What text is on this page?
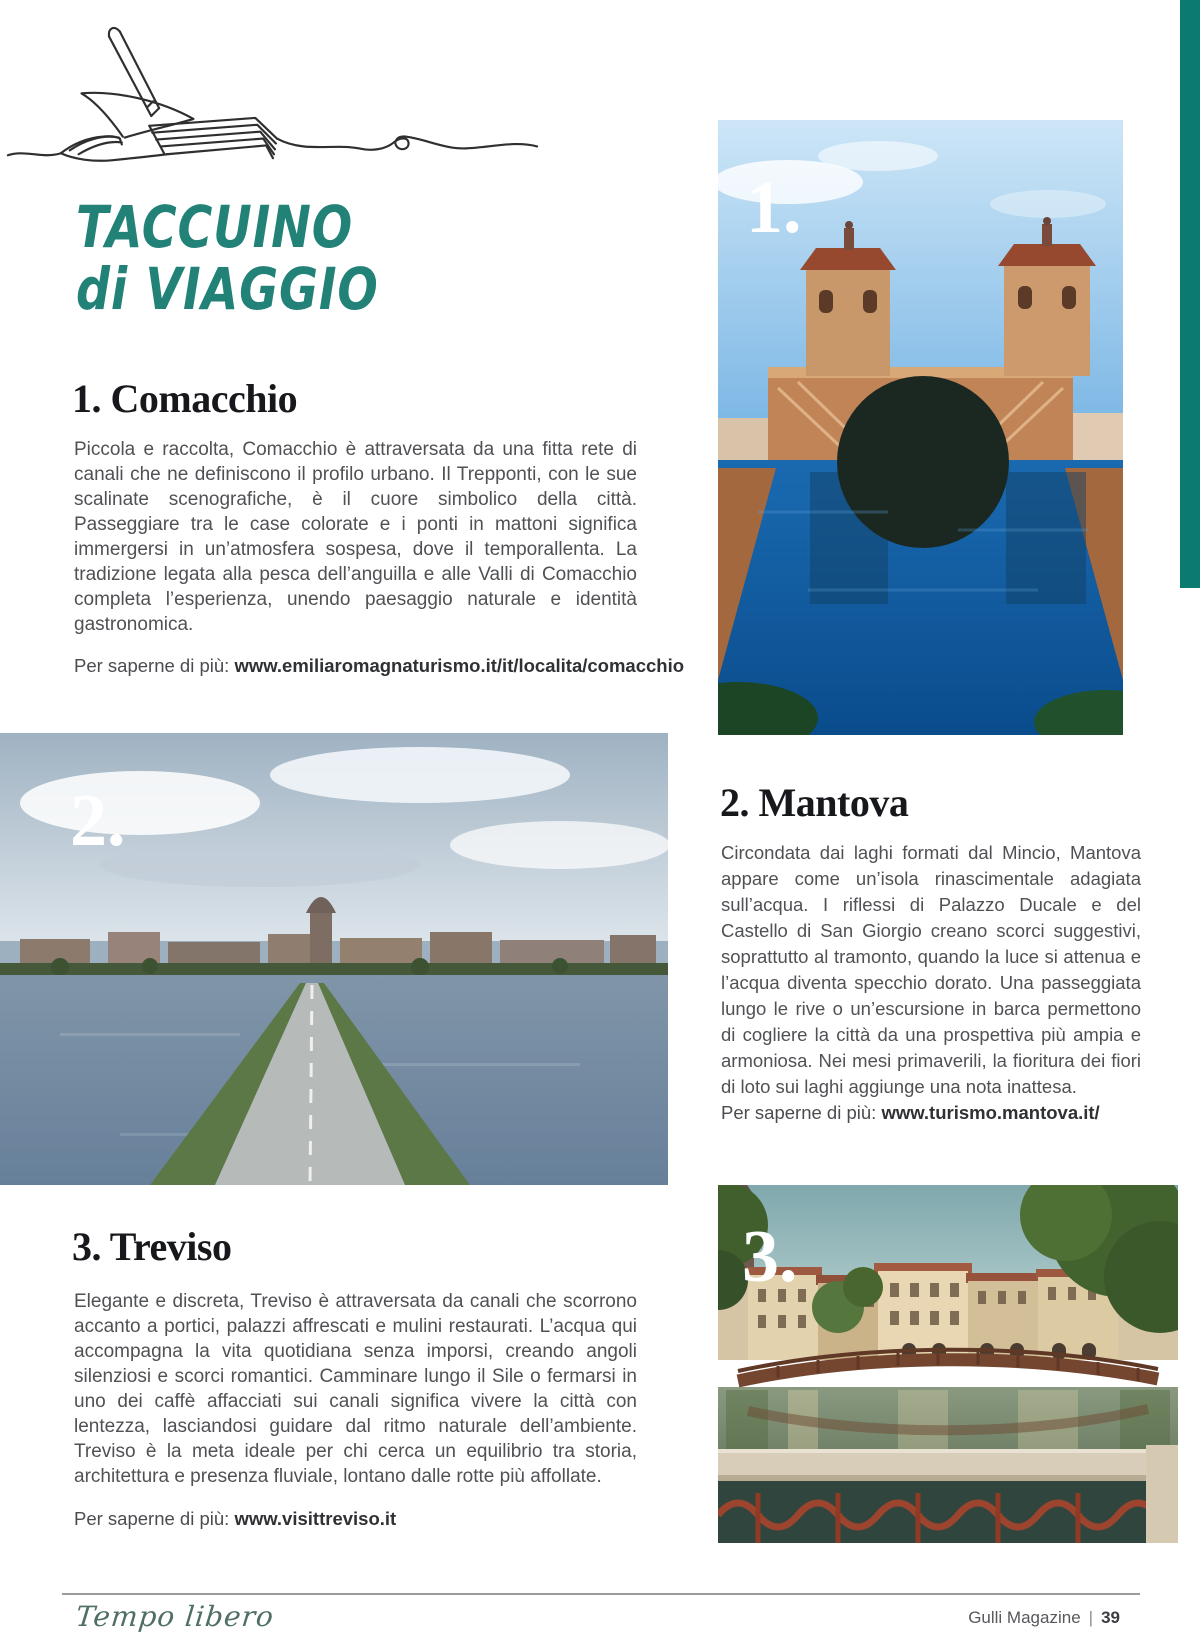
TACCUINO
di VIAGGIO
1.
1. Comacchio

Piccola e raccolta, Comacchio è attraversata da una fitta rete di canali che ne definiscono il profilo urbano. Il Trepponti, con le sue scalinate scenografiche, è il cuore simbolico della città. Passeggiare tra le case colorate e i ponti in mattoni significa immergersi in un’atmosfera sospesa, dove il temporallenta. La tradizione legata alla pesca dell’anguilla e alle Valli di Comacchio completa l’esperienza, unendo paesaggio naturale e identità gastronomica.

Per saperne di più: www.emiliaromagnaturismo.it/it/localita/comacchio

2.	2. Mantova

Circondata dai laghi formati dal Mincio, Mantova appare come un’isola rinascimentale adagiata sull’acqua. I riflessi di Palazzo Ducale e del Castello di San Giorgio creano scorci suggestivi, soprattutto al tramonto, quando la luce si attenua e l’acqua diventa specchio dorato. Una passeggiata lungo le rive o un’escursione in barca permettono di cogliere la città da una prospettiva più ampia e armoniosa. Nei mesi primaverili, la fioritura dei fiori di loto sui laghi aggiunge una nota inattesa.

Per saperne di più: www.turismo.mantova.it/

3. Treviso

Elegante e discreta, Treviso è attraversata da canali che scorrono accanto a portici, palazzi affrescati e mulini restaurati. L’acqua qui accompagna la vita quotidiana senza imporsi, creando angoli silenziosi e scorci romantici. Camminare lungo il Sile o fermarsi in uno dei caffè affacciati sui canali significa vivere la città con lentezza, lasciandosi guidare dal ritmo naturale dell’ambiente. Treviso è la meta ideale per chi cerca un equilibrio tra storia, architettura e presenza fluviale, lontano dalle rotte più affollate.

Per saperne di più: www.visittreviso.it

3.
Tempo libero	Gulli Magazine | 39
